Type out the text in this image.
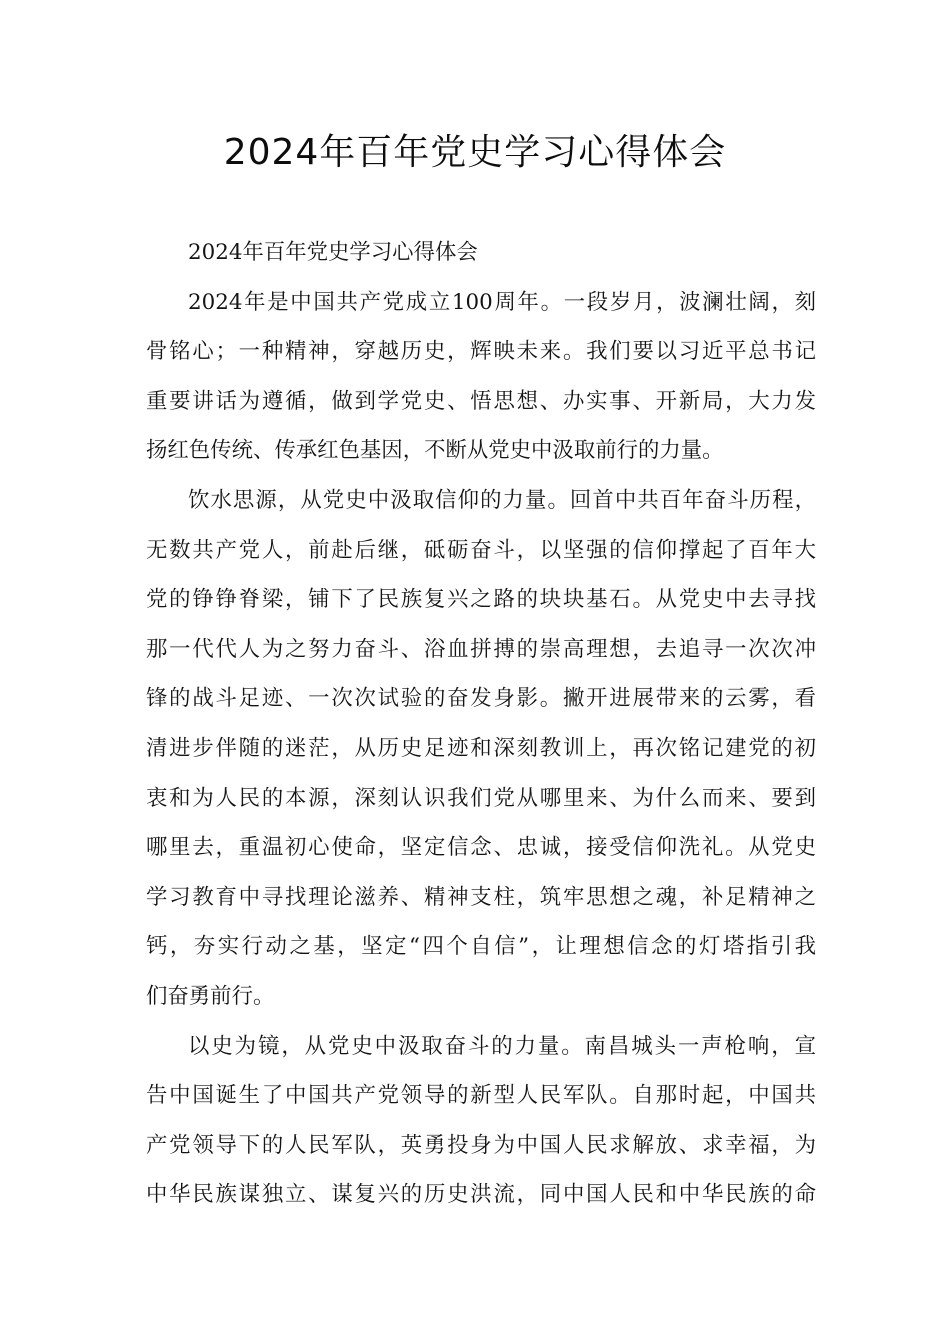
2024年百年党史学习心得体会
2024年百年党史学习心得体会
2024年是中国共产党成立100周年。一段岁月，波澜壮阔，刻
骨铭心；一种精神，穿越历史，辉映未来。我们要以习近平总书记
重要讲话为遵循，做到学党史、悟思想、办实事、开新局，大力发
扬红色传统、传承红色基因，不断从党史中汲取前行的力量。
饮水思源，从党史中汲取信仰的力量。回首中共百年奋斗历程，
无数共产党人，前赴后继，砥砺奋斗，以坚强的信仰撑起了百年大
党的铮铮脊梁，铺下了民族复兴之路的块块基石。从党史中去寻找
那一代代人为之努力奋斗、浴血拼搏的崇高理想，去追寻一次次冲
锋的战斗足迹、一次次试验的奋发身影。撇开进展带来的云雾，看
清进步伴随的迷茫，从历史足迹和深刻教训上，再次铭记建党的初
衷和为人民的本源，深刻认识我们党从哪里来、为什么而来、要到
哪里去，重温初心使命，坚定信念、忠诚，接受信仰洗礼。从党史
学习教育中寻找理论滋养、精神支柱，筑牢思想之魂，补足精神之
钙，夯实行动之基，坚定“四个自信”，让理想信念的灯塔指引我
们奋勇前行。
以史为镜，从党史中汲取奋斗的力量。南昌城头一声枪响，宣
告中国诞生了中国共产党领导的新型人民军队。自那时起，中国共
产党领导下的人民军队，英勇投身为中国人民求解放、求幸福，为
中华民族谋独立、谋复兴的历史洪流，同中国人民和中华民族的命
